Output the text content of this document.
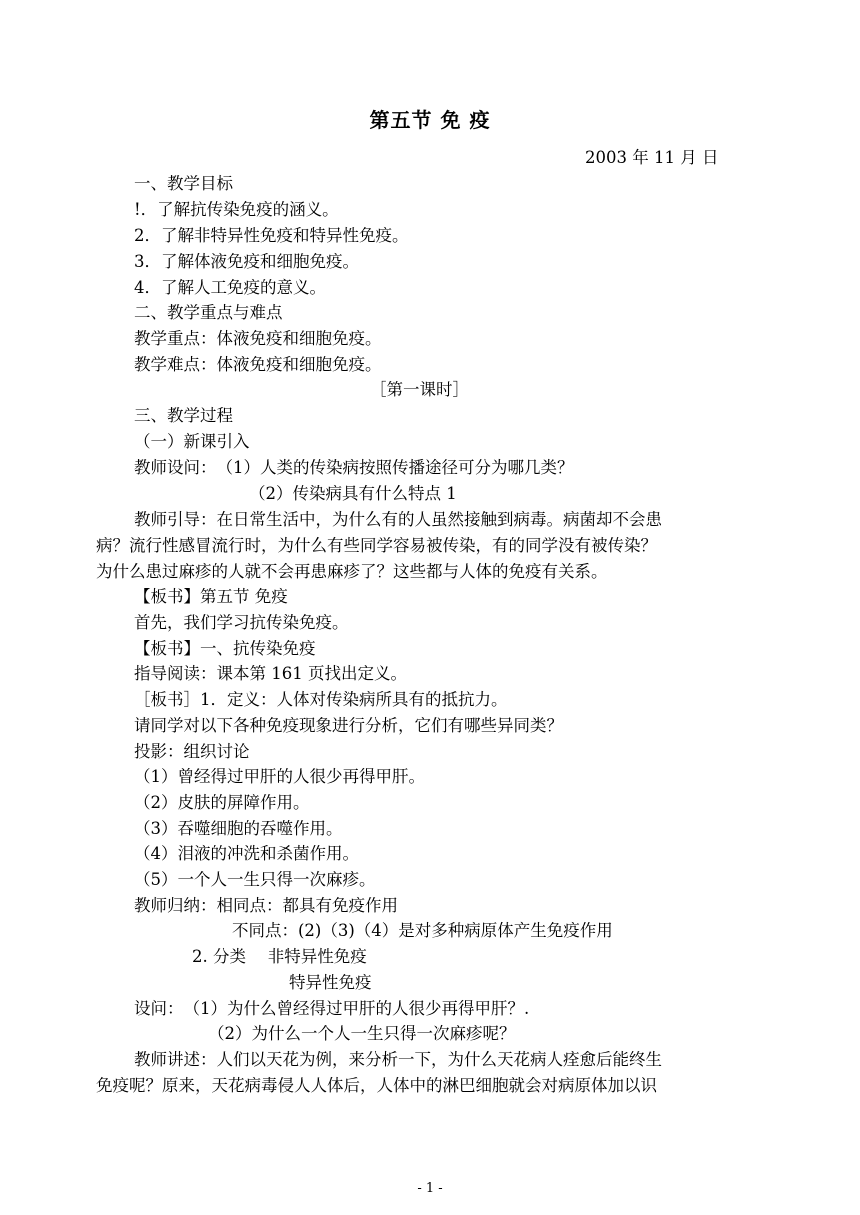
第五节 免 疫
2003 年 11 月 日
一、教学目标
!．了解抗传染免疫的涵义。
2．了解非特异性免疫和特异性免疫。
3．了解体液免疫和细胞免疫。
4．了解人工免疫的意义。
二、教学重点与难点
教学重点：体液免疫和细胞免疫。
教学难点：体液免疫和细胞免疫。
［第一课时］
三、教学过程
（一）新课引入
教师设问：　（1）人类的传染病按照传播途径可分为哪几类？
（2）传染病具有什么特点 1
教师引导：在日常生活中，为什么有的人虽然接触到病毒。病菌却不会患
病？流行性感冒流行时，为什么有些同学容易被传染，有的同学没有被传染？
为什么患过麻疹的人就不会再患麻疹了？这些都与人体的免疫有关系。
【板书】第五节 免疫
首先，我们学习抗传染免疫。
【板书】一、抗传染免疫
指导阅读：课本第 161 页找出定义。
［板书］1．定义：人体对传染病所具有的抵抗力。
请同学对以下各种免疫现象进行分析，它们有哪些异同类？
投影：组织讨论
（1）曾经得过甲肝的人很少再得甲肝。
（2）皮肤的屏障作用。
（3）吞噬细胞的吞噬作用。
（4）泪液的冲洗和杀菌作用。
（5）一个人一生只得一次麻疹。
教师归纳：相同点：都具有免疫作用
不同点：(2)（3)（4）是对多种病原体产生免疫作用
2. 分类　 非特异性免疫
特异性免疫
设问：　（1）为什么曾经得过甲肝的人很少再得甲肝？.
（2）为什么一个人一生只得一次麻疹呢？
教师讲述：人们以天花为例，来分析一下，为什么天花病人痊愈后能终生
免疫呢？原来，天花病毒侵人人体后，人体中的淋巴细胞就会对病原体加以识
- 1 -
